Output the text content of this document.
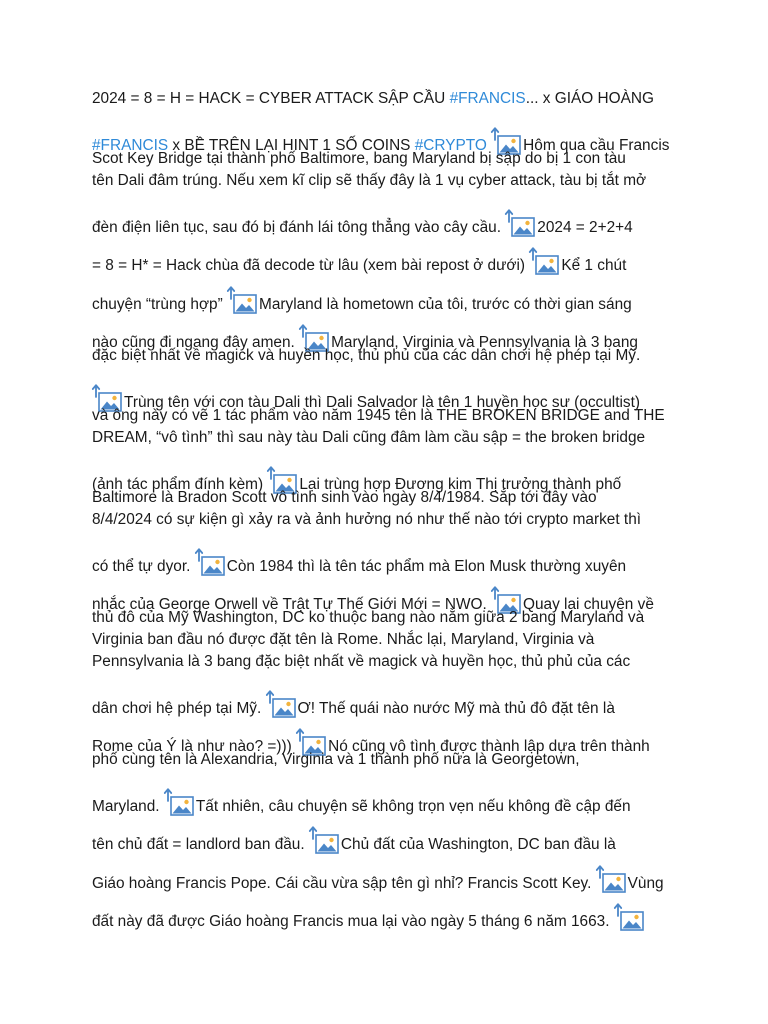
2024 = 8 = H = HACK = CYBER ATTACK SẬP CẦU #FRANCIS... x GIÁO HOÀNG
#FRANCIS x BỀ TRÊN LẠI HINT 1 SỐ COINS #CRYPTO Hôm qua cầu Francis
Scot Key Bridge tại thành phố Baltimore, bang Maryland bị sập do bị 1 con tàu
tên Dali đâm trúng. Nếu xem kĩ clip sẽ thấy đây là 1 vụ cyber attack, tàu bị tắt mở
đèn điện liên tục, sau đó bị đánh lái tông thẳng vào cây cầu.
2024 = 2+2+4
= 8 = H* = Hack chùa đã decode từ lâu (xem bài repost ở dưới)
Kể 1 chút
chuyện “trùng hợp”
Maryland là hometown của tôi, trước có thời gian sáng
nào cũng đi ngang đây amen.
Maryland, Virginia và Pennsylvania là 3 bang
đặc biệt nhất về magick và huyền học, thủ phủ của các dân chơi hệ phép tại Mỹ.
Trùng tên với con tàu Dali thì Dali Salvador là tên 1 huyền học sư (occultist)
và ông này có vẽ 1 tác phẩm vào năm 1945 tên là THE BROKEN BRIDGE and THE
DREAM, “vô tình” thì sau này tàu Dali cũng đâm làm cầu sập = the broken bridge
(ảnh tác phẩm đính kèm)
Lại trùng hợp Đương kim Thị trưởng thành phố
Baltimore là Bradon Scott vô tình sinh vào ngày 8/4/1984. Sắp tới đây vào
8/4/2024 có sự kiện gì xảy ra và ảnh hưởng nó như thế nào tới crypto market thì
có thể tự dyor.
Còn 1984 thì là tên tác phẩm mà Elon Musk thường xuyên
nhắc của George Orwell về Trật Tự Thế Giới Mới = NWO.
Quay lại chuyện về
thủ đô của Mỹ Washington, DC ko thuộc bang nào nằm giữa 2 bang Maryland và
Virginia ban đầu nó được đặt tên là Rome. Nhắc lại, Maryland, Virginia và
Pennsylvania là 3 bang đặc biệt nhất về magick và huyền học, thủ phủ của các
dân chơi hệ phép tại Mỹ.
Ơ! Thế quái nào nước Mỹ mà thủ đô đặt tên là
Rome của Ý là như nào? =)))
Nó cũng vô tình được thành lập dựa trên thành
phố cùng tên là Alexandria, Virginia và 1 thành phố nữa là Georgetown,
Maryland.
Tất nhiên, câu chuyện sẽ không trọn vẹn nếu không đề cập đến
tên chủ đất = landlord ban đầu.
Chủ đất của Washington, DC ban đầu là
Giáo hoàng Francis Pope. Cái cầu vừa sập tên gì nhỉ? Francis Scott Key.
Vùng
đất này đã được Giáo hoàng Francis mua lại vào ngày 5 tháng 6 năm 1663.
